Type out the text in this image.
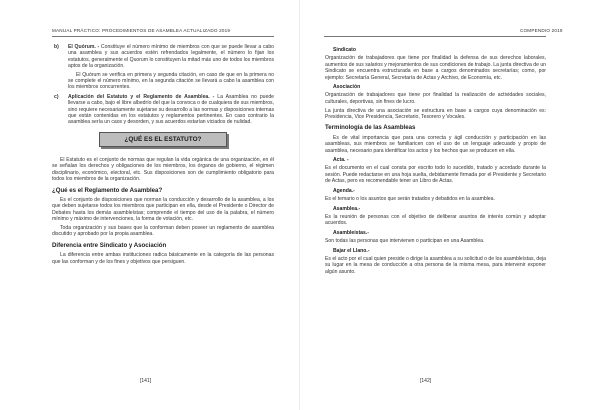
MANUAL PRÁCTICO: PROCEDIMIENTOS DE ASAMBLEA ACTUALIZADO 2019
b) El Quórum. - Constituye el número mínimo de miembros con que se puede llevar a cabo una asamblea y sus acuerdos estén refrendados legalmente, el número lo fijan los estatutos, generalmente el Quorum lo constituyen la mitad más uno de todos los miembros aptos de la organización.

El Quórum se verifica en primera y segunda citación, en caso de que en la primera no se complete el número mínimo, en la segunda citación se llevará a cabo la asamblea con los miembros concurrentes.

c) Aplicación del Estatuto y el Reglamento de Asamblea. - La Asamblea no puede llevarse a cabo, bajo el libre albedrío del que la convoca o de cualquiera de sus miembros, sino requiere necesariamente sujetarse su desarrollo a las normas y disposiciones internas que están contenidas en los estatutos y reglamentos pertinentes. En caso contrario la asamblea sería un caos y desorden, y sus acuerdos estarían viciados de nulidad.

¿QUÉ ES EL ESTATUTO?

El Estatuto es el conjunto de normas que regulan la vida orgánica de una organización, en él se señalan los derechos y obligaciones de los miembros, los órganos de gobierno, el régimen disciplinario, económico, electoral, etc. Sus disposiciones son de cumplimiento obligatorio para todos los miembros de la organización.

¿Qué es el Reglamento de Asamblea?

Es el conjunto de disposiciones que norman la conducción y desarrollo de la asamblea, a los que deben sujetarse todos los miembros que participan en ella, desde el Presidente o Director de Debates hasta los demás asambleístas; comprende el tiempo del uso de la palabra, el número mínimo y máximo de intervenciones, la forma de votación, etc.

Toda organización y sus bases que la conforman deben poseer un reglamento de asamblea discutido y aprobado por la propia asamblea.

Diferencia entre Sindicato y Asociación

La diferencia entre ambas instituciones radica básicamente en la categoría de las personas que las conforman y de los fines y objetivos que persiguen.

[141]
COMPENDIO 2019
Sindicato

Organización de trabajadores que tiene por finalidad la defensa de sus derechos laborales, aumentos de sus salarios y mejoramientos de sus condiciones de trabajo. La junta directiva de un Sindicato se encuentra estructurada en base a cargos denominados secretarías; como, por ejemplo: Secretaría General, Secretaría de Actas y Archivo, de Economía, etc.

Asociación

Organización de trabajadores que tiene por finalidad la realización de actividades sociales, culturales, deportivas, sin fines de lucro.

La junta directiva de una asociación se estructura en base a cargos cuya denominación es: Presidencia, Vice Presidencia, Secretario, Tesorero y Vocales.

Terminología de las Asambleas

Es de vital importancia que para una correcta y ágil conducción y participación en las asambleas, sus miembros se familiaricen con el uso de un lenguaje adecuado y propio de asamblea, necesario para identificar los actos y los hechos que se producen en ella.

Acta. -

Es el documento en el cual consta por escrito todo lo sucedido, tratado y acordado durante la sesión. Puede redactarse en una hoja suelta, debidamente firmada por el Presidente y Secretario de Actas, pero es recomendable tener un Libro de Actas.

Agenda.-

Es el temario o los asuntos que serán tratados y debatidos en la asamblea.

Asamblea.-

Es la reunión de personas con el objetivo de deliberar asuntos de interés común y adoptar acuerdos.

Asambleístas.-

Son todas las personas que intervienen o participan en una Asamblea.

Bajar el Llano.-

Es el acto por el cual quien preside o dirige la asamblea a su solicitud o de los asambleístas, deja su lugar en la mesa de conducción a otra persona de la misma mesa, para intervenir exponer algún asunto.

[142]
